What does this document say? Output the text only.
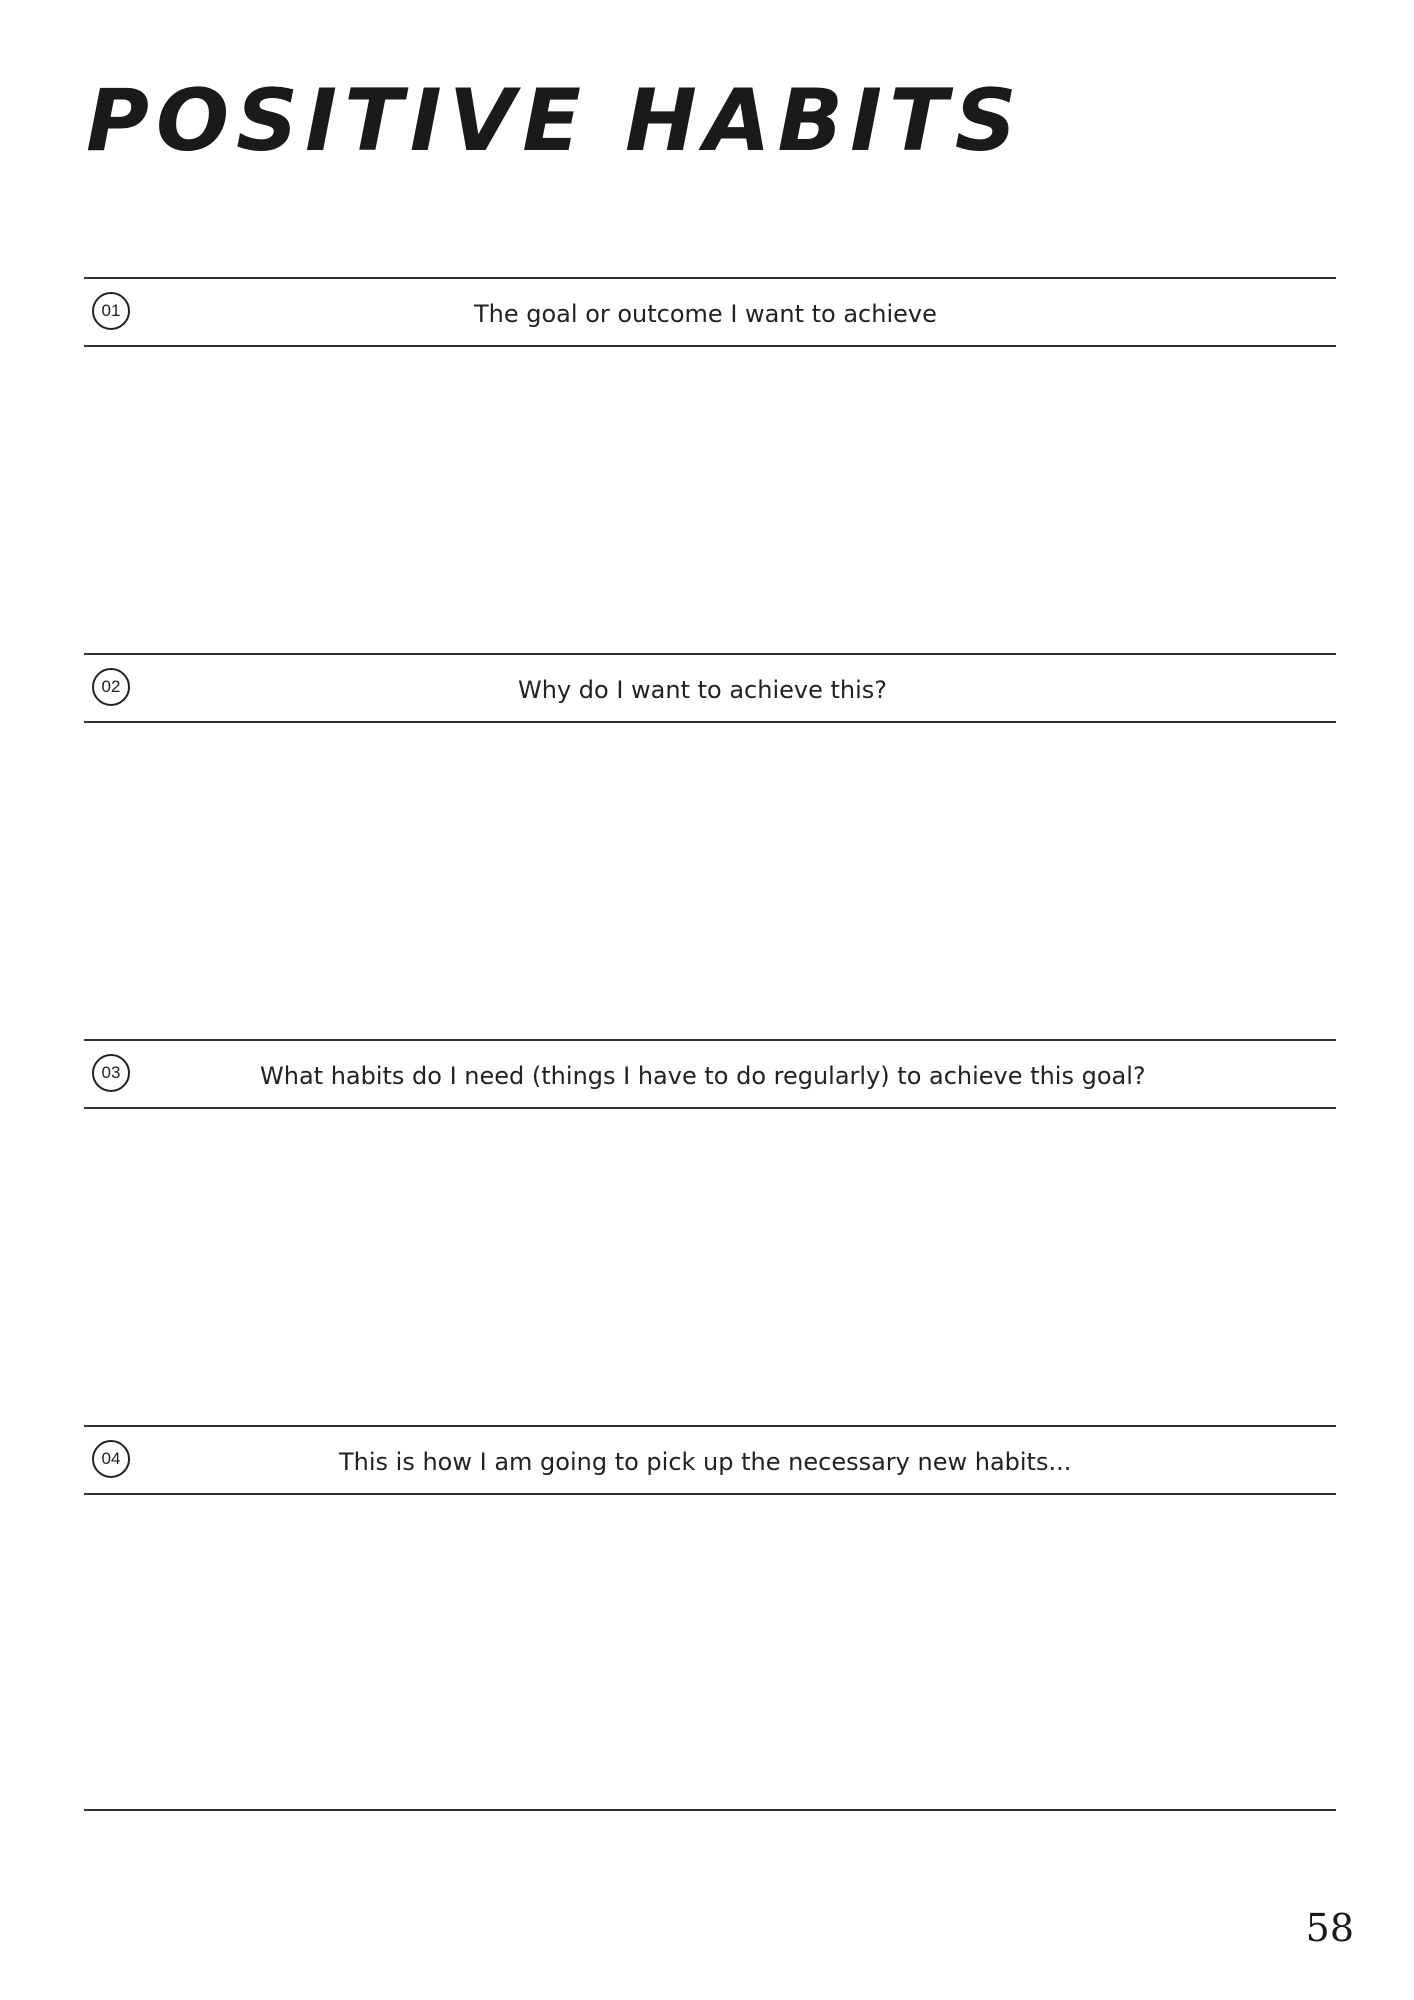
POSITIVE HABITS
01	The goal or outcome I want to achieve
02	Why do I want to achieve this?
03	What habits do I need (things I have to do regularly) to achieve this goal?
04	This is how I am going to pick up the necessary new habits...
58
